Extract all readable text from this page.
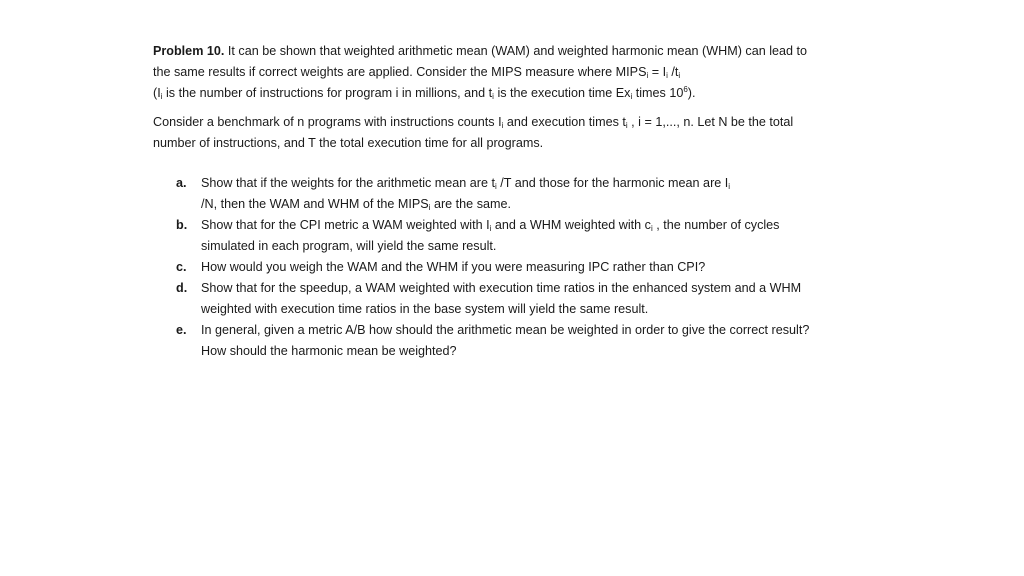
Problem 10. It can be shown that weighted arithmetic mean (WAM) and weighted harmonic mean (WHM) can lead to the same results if correct weights are applied. Consider the MIPS measure where $MIPS_i = I_i$ $/t_i$
($I_i$ is the number of instructions for program i in millions, and $t_i$ is the execution time $Ex_i$ times $10^6$).

Consider a benchmark of n programs with instructions counts $I_i$ and execution times $t_i$ , i = 1,..., n. Let N be the total number of instructions, and T the total execution time for all programs.

a. Show that if the weights for the arithmetic mean are $t_i$ /T and those for the harmonic mean are $I_i$
/N, then the WAM and WHM of the $MIPS_i$ are the same.
b. Show that for the CPI metric a WAM weighted with $I_i$ and a WHM weighted with $c_i$ , the number of cycles simulated in each program, will yield the same result.
c. How would you weigh the WAM and the WHM if you were measuring IPC rather than CPI?
d. Show that for the speedup, a WAM weighted with execution time ratios in the enhanced system and a WHM weighted with execution time ratios in the base system will yield the same result.
e. In general, given a metric A/B how should the arithmetic mean be weighted in order to give the correct result? How should the harmonic mean be weighted?
